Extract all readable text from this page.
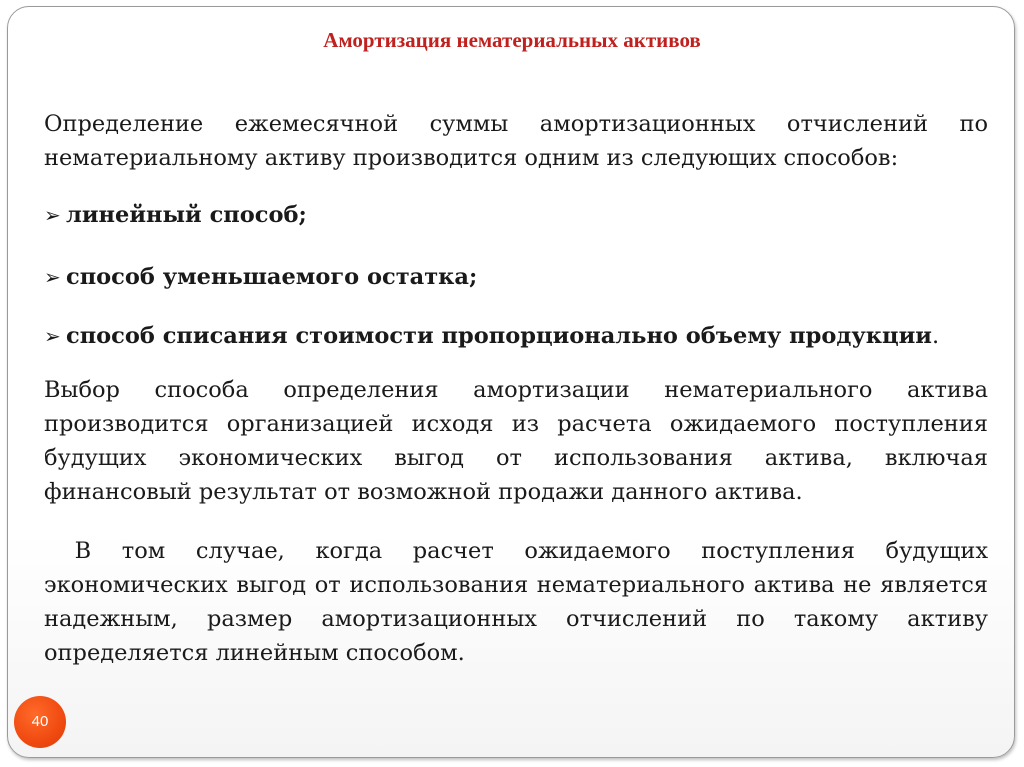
Амортизация нематериальных активов

Определение ежемесячной суммы амортизационных отчислений по нематериальному активу производится одним из следующих способов:

➢ линейный способ;
➢ способ уменьшаемого остатка;
➢ способ списания стоимости пропорционально объему продукции.

Выбор способа определения амортизации нематериального актива производится организацией исходя из расчета ожидаемого поступления будущих экономических выгод от использования актива, включая финансовый результат от возможной продажи данного актива.

В том случае, когда расчет ожидаемого поступления будущих экономических выгод от использования нематериального актива не является надежным, размер амортизационных отчислений по такому активу определяется линейным способом.

40
